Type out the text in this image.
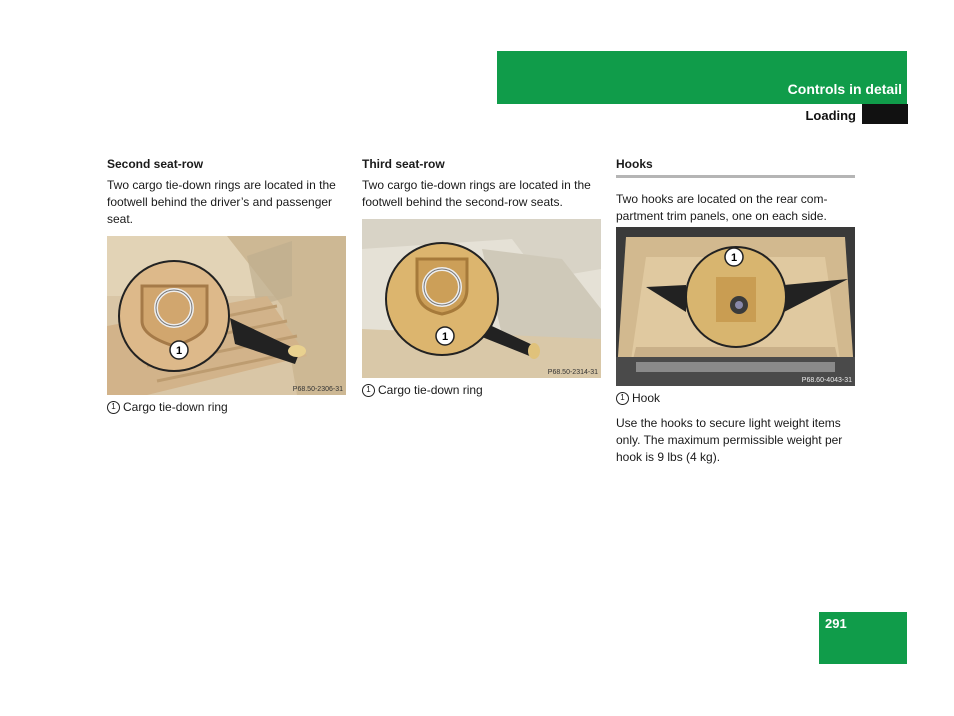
Controls in detail
Loading
Second seat-row

Two cargo tie-down rings are located in the footwell behind the driver’s and passenger seat.

1
P68.50-2306-31
1 Cargo tie-down ring
Third seat-row

Two cargo tie-down rings are located in the footwell behind the second-row seats.

1
P68.50-2314-31
1 Cargo tie-down ring
Hooks

Two hooks are located on the rear com-partment trim panels, one on each side.

1
P68.60-4043-31
1 Hook

Use the hooks to secure light weight items only. The maximum permissible weight per hook is 9 lbs (4 kg).

291
